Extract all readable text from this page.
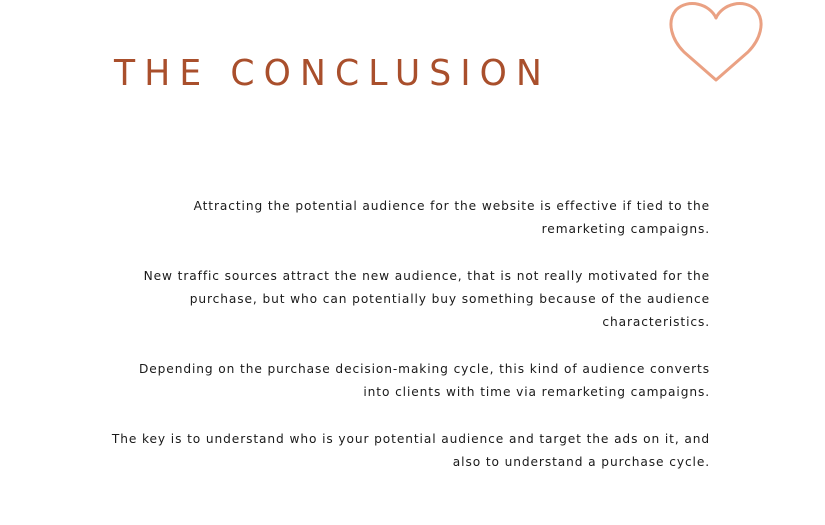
THE CONCLUSION

Attracting the potential audience for the website is effective if tied to the remarketing campaigns.

New traffic sources attract the new audience, that is not really motivated for the purchase, but who can potentially buy something because of the audience characteristics.

Depending on the purchase decision-making cycle, this kind of audience converts into clients with time via remarketing campaigns.

The key is to understand who is your potential audience and target the ads on it, and also to understand a purchase cycle.
